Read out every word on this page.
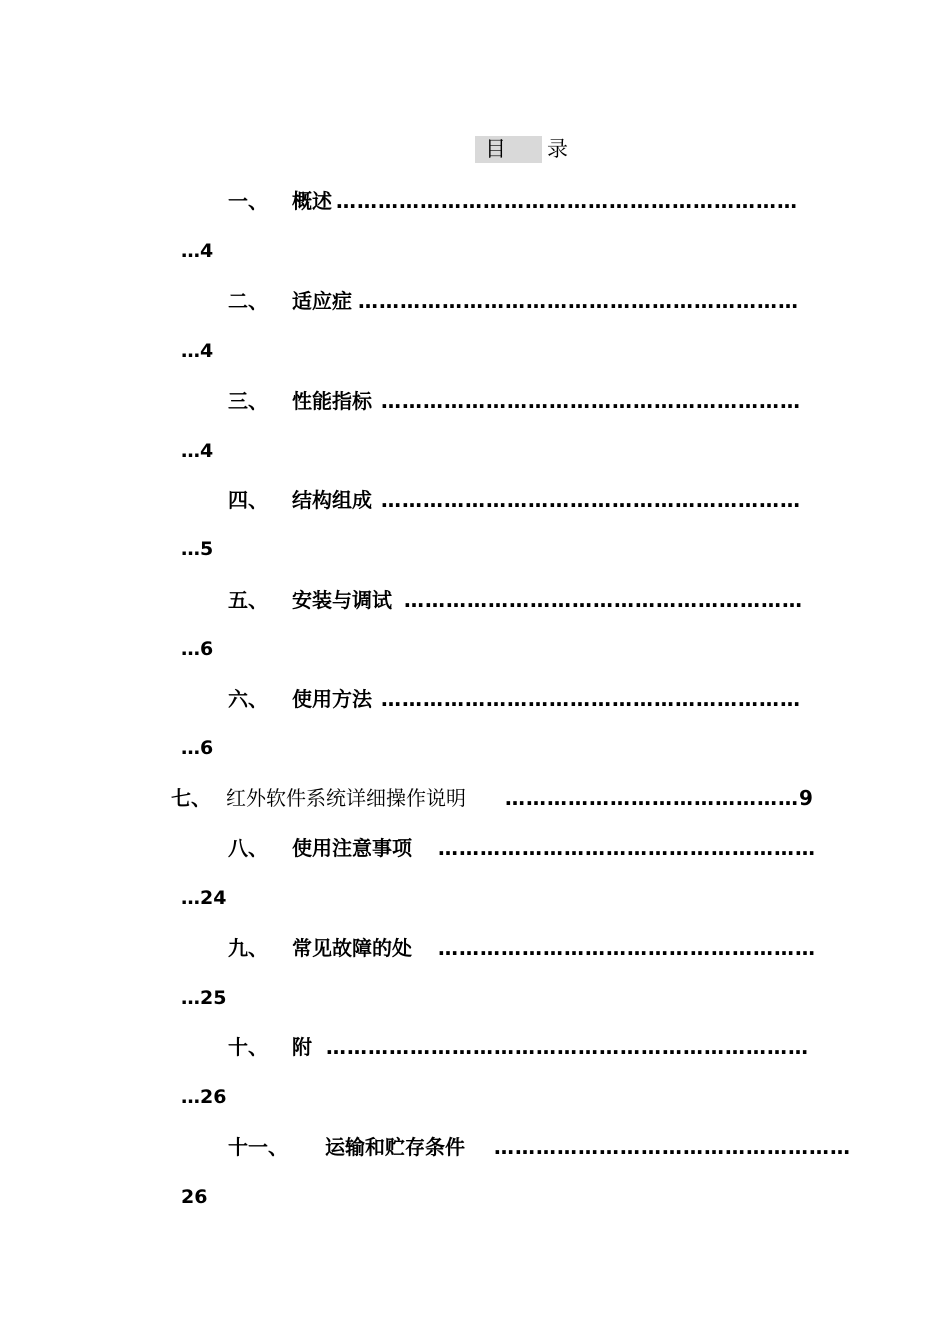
目　录
一、 概述 …………………………………………………………
…4
二、 适应症 ………………………………………………………
…4
三、 性能指标 ……………………………………………………
…4
四、 结构组成 ……………………………………………………
…5
五、 安装与调试 …………………………………………………
…6
六、 使用方法 ……………………………………………………
…6
七、 红外软件系统详细操作说明 ……………………………………9
八、 使用注意事项 ………………………………………………
…24
九、 常见故障的处 ………………………………………………
…25
十、 附 ……………………………………………………………
…26
十一、 运输和贮存条件 ……………………………………………
26
